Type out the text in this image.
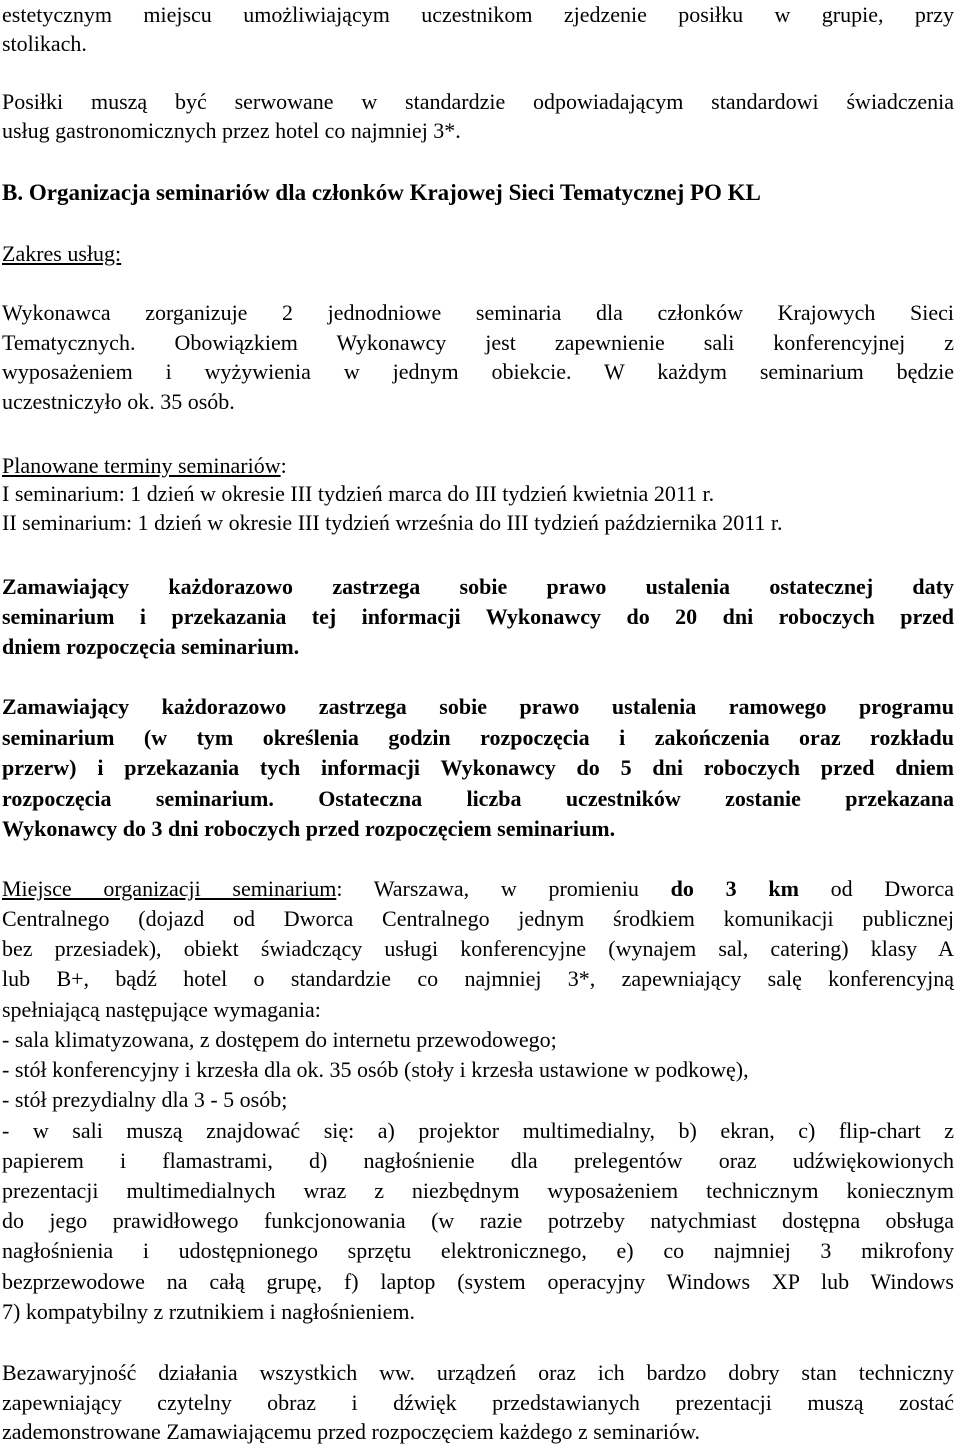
estetycznym miejscu umożliwiającym uczestnikom zjedzenie posiłku w grupie, przy
stolikach.
Posiłki muszą być serwowane w standardzie odpowiadającym standardowi świadczenia
usług gastronomicznych przez hotel co najmniej 3*.
B. Organizacja seminariów dla członków Krajowej Sieci Tematycznej PO KL
Zakres usług:
Wykonawca zorganizuje 2 jednodniowe seminaria dla członków Krajowych Sieci
Tematycznych. Obowiązkiem Wykonawcy jest zapewnienie sali konferencyjnej z
wyposażeniem i wyżywienia w jednym obiekcie. W każdym seminarium będzie
uczestniczyło ok. 35 osób.
Planowane terminy seminariów:
I seminarium: 1 dzień w okresie III tydzień marca do III tydzień kwietnia 2011 r.
II seminarium: 1 dzień w okresie III tydzień września do III tydzień października 2011 r.
Zamawiający każdorazowo zastrzega sobie prawo ustalenia ostatecznej daty
seminarium i przekazania tej informacji Wykonawcy do 20 dni roboczych przed
dniem rozpoczęcia seminarium.
Zamawiający każdorazowo zastrzega sobie prawo ustalenia ramowego programu
seminarium (w tym określenia godzin rozpoczęcia i zakończenia oraz rozkładu
przerw) i przekazania tych informacji Wykonawcy do 5 dni roboczych przed dniem
rozpoczęcia seminarium. Ostateczna liczba uczestników zostanie przekazana
Wykonawcy do 3 dni roboczych przed rozpoczęciem seminarium.
Miejsce organizacji seminarium: Warszawa, w promieniu do 3 km od Dworca
Centralnego (dojazd od Dworca Centralnego jednym środkiem komunikacji publicznej
bez przesiadek), obiekt świadczący usługi konferencyjne (wynajem sal, catering) klasy A
lub B+, bądź hotel o standardzie co najmniej 3*, zapewniający salę konferencyjną
spełniającą następujące wymagania:
- sala klimatyzowana, z dostępem do internetu przewodowego;
- stół konferencyjny i krzesła dla ok. 35 osób (stoły i krzesła ustawione w podkowę),
- stół prezydialny dla 3 - 5 osób;
- w sali muszą znajdować się: a) projektor multimedialny, b) ekran, c) flip-chart z
papierem i flamastrami, d) nagłośnienie dla prelegentów oraz udźwiękowionych
prezentacji multimedialnych wraz z niezbędnym wyposażeniem technicznym koniecznym
do jego prawidłowego funkcjonowania (w razie potrzeby natychmiast dostępna obsługa
nagłośnienia i udostępnionego sprzętu elektronicznego, e) co najmniej 3 mikrofony
bezprzewodowe na całą grupę, f) laptop (system operacyjny Windows XP lub Windows
7) kompatybilny z rzutnikiem i nagłośnieniem.
Bezawaryjność działania wszystkich ww. urządzeń oraz ich bardzo dobry stan techniczny
zapewniający czytelny obraz i dźwięk przedstawianych prezentacji muszą zostać
zademonstrowane Zamawiającemu przed rozpoczęciem każdego z seminariów.
